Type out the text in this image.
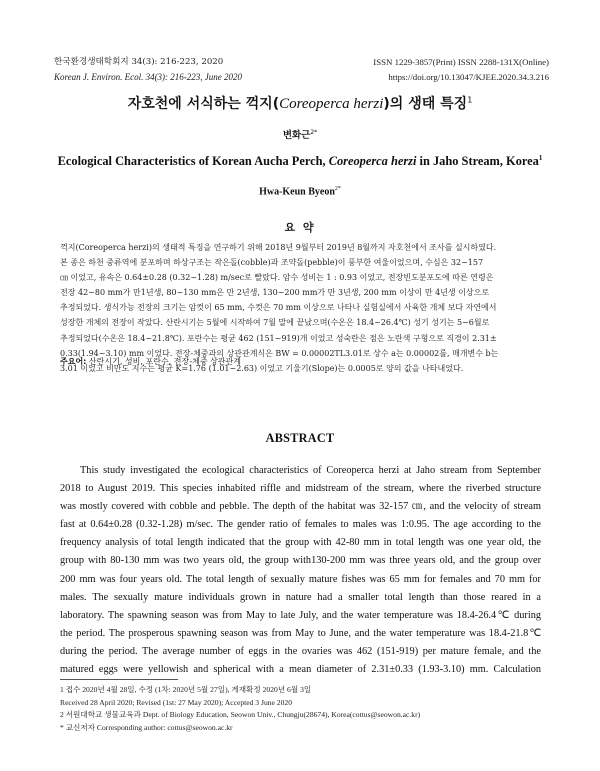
한국환경생태학회지 34(3): 216-223, 2020
Korean J. Environ. Ecol. 34(3): 216-223, June 2020
ISSN 1229-3857(Print) ISSN 2288-131X(Online)
https://doi.org/10.13047/KJEE.2020.34.3.216
자호천에 서식하는 꺽지(Coreoperca herzi)의 생태 특징$^1$
변화근$^{2*}$
Ecological Characteristics of Korean Aucha Perch, Coreoperca herzi in Jaho Stream, Korea$^1$
Hwa-Keun Byeon$^{2*}$
요 약
꺽지(Coreoperca herzi)의 생태적 특징을 연구하기 위해 2018년 9월부터 2019년 8월까지 자호천에서 조사를 실시하였다.
본 종은 하천 중류역에 분포하며 하상구조는 작은돌(cobble)과 조약돌(pebble)이 풍부한 여울이었으며, 수심은 32~157
㎝ 이었고, 유속은 0.64±0.28 (0.32~1.28) m/sec로 빨랐다. 암수 성비는 1 : 0.93 이었고, 전장빈도분포도에 따른 연령은
전장 42~80 mm가 만1년생, 80~130 mm은 만 2년생, 130~200 mm가 만 3년생, 200 mm 이상이 만 4년생 이상으로
추정되었다. 생식가능 전장의 크기는 암컷이 65 mm, 수컷은 70 mm 이상으로 나타나 실험실에서 사육한 개체 보다 자연에서
성장한 개체의 전장이 작았다. 산란시기는 5월에 시작하여 7월 말에 끝났으며(수온은 18.4~26.4℃) 성기 성기는 5~6월로
추정되었다(수온은 18.4~21.8℃). 포란수는 평균 462 (151~919)개 이었고 성숙란은 점은 노란색 구형으로 직경이 2.31±
0.33(1.94~3.10) mm 이었다. 전장-체중과의 상관관계식은 BW = 0.00002TL3.01로 상수 a는 0.00002를, 매개변수 b는
3.01 이었고 비만도 지수는 평균 K=1.76 (1.01~2.63) 이었고 기울기(Slope)는 0.0005로 양의 값을 나타내었다.
주요어: 산란시기, 성비, 포란수, 전장-체중 상관관계
ABSTRACT
This study investigated the ecological characteristics of Coreoperca herzi at Jaho stream from September
2018 to August 2019. This species inhabited riffle and midstream of the stream, where the riverbed structure
was mostly covered with cobble and pebble. The depth of the habitat was 32-157 ㎝, and the velocity of stream
fast at 0.64±0.28 (0.32-1.28) m/sec. The gender ratio of females to males was 1:0.95. The age according to the
frequency analysis of total length indicated that the group with 42-80 mm in total length was one year old, the
group with 80-130 mm was two years old, the group with130-200 mm was three years old, and the group over
200 mm was four years old. The total length of sexually mature fishes was 65 mm for females and 70 mm for
males. The sexually mature individuals grown in nature had a smaller total length than those reared in a
laboratory. The spawning season was from May to late July, and the water temperature was 18.4-26.4℃ during
the period. The prosperous spawning season was from May to June, and the water temperature was 18.4-21.8℃
during the period. The average number of eggs in the ovaries was 462 (151-919) per mature female, and the
matured eggs were yellowish and spherical with a mean diameter of 2.31±0.33 (1.93-3.10) mm. Calculation
1 접수 2020년 4월 28일, 수정 (1차: 2020년 5월 27일), 게재확정 2020년 6월 3일
Received 28 April 2020; Revised (1st: 27 May 2020); Accepted 3 June 2020
2 서원대학교 생물교육과 Dept. of Biology Education, Seowon Univ., Chungju(28674), Korea(cottus@seowon.ac.kr)
* 교신저자 Corresponding author: cottus@seowon.ac.kr
